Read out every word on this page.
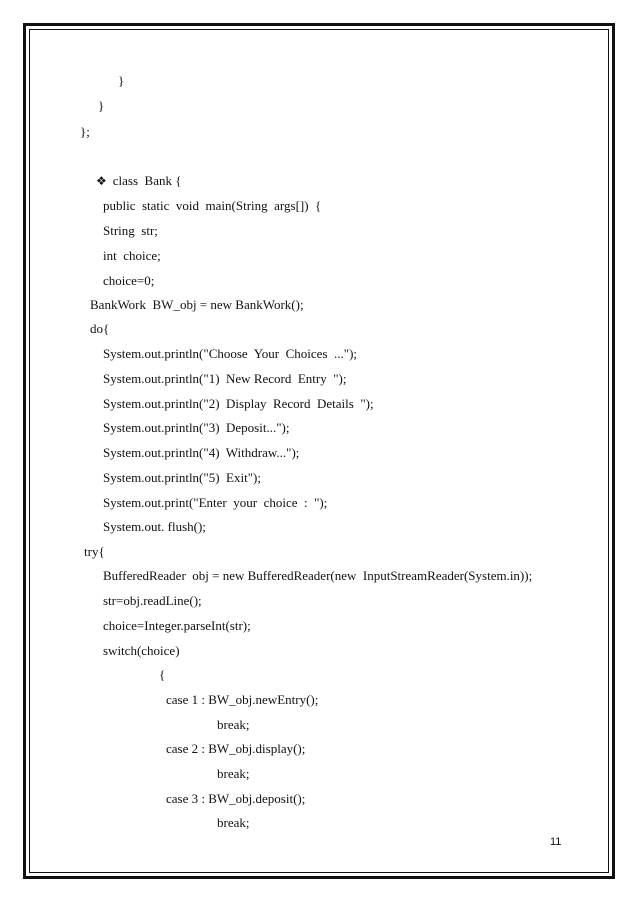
}
}
};
❖ class  Bank {
public  static  void  main(String  args[])  {
String  str;
int  choice;
choice=0;
BankWork  BW_obj = new BankWork();
do{
System.out.println("Choose  Your  Choices  ...");
System.out.println("1)  New Record  Entry  ");
System.out.println("2)  Display  Record  Details  ");
System.out.println("3)  Deposit...");
System.out.println("4)  Withdraw...");
System.out.println("5)  Exit");
System.out.print("Enter  your  choice  :  ");
System.out. flush();
try{
BufferedReader  obj = new BufferedReader(new  InputStreamReader(System.in));
str=obj.readLine();
choice=Integer.parseInt(str);
switch(choice)
{
case 1 : BW_obj.newEntry();
break;
case 2 : BW_obj.display();
break;
case 3 : BW_obj.deposit();
break;
11
